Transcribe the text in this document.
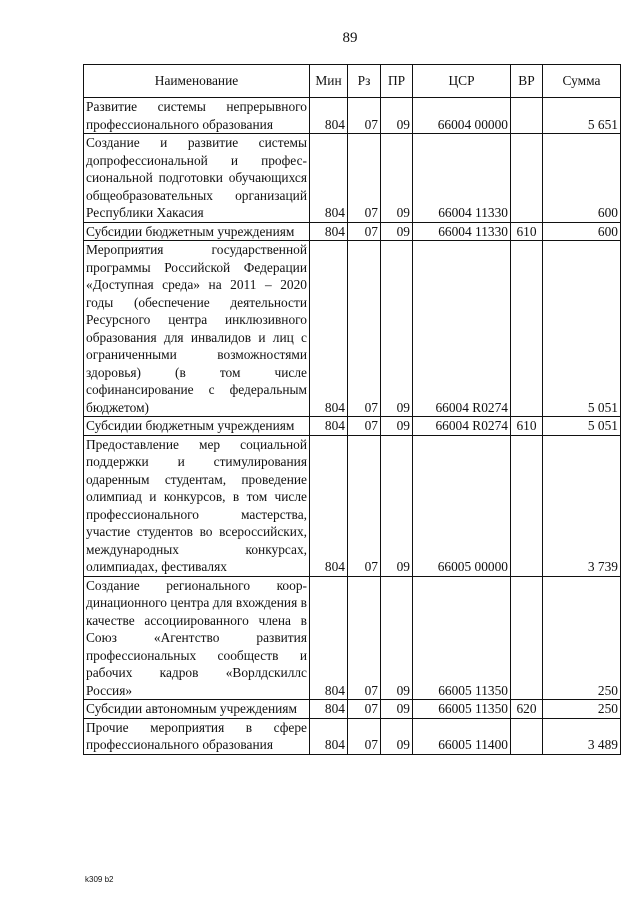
89
Наименование	Мин	Рз	ПР	ЦСР	ВР	Сумма
Развитие системы непрерывного профессионального образования	804	07	09	66004 00000		5 651
Создание и развитие системы допрофессиональной и профессиональной подготовки обучающихся общеобразовательных организаций Республики Хакасия	804	07	09	66004 11330		600
Субсидии бюджетным учреждениям	804	07	09	66004 11330	610	600
Мероприятия государственной программы Российской Федерации «Доступная среда» на 2011 – 2020 годы (обеспечение деятельности Ресурсного центра инклюзивного образования для инвалидов и лиц с ограниченными возможностями здоровья) (в том числе софинансирование с федеральным бюджетом)	804	07	09	66004 R0274		5 051
Субсидии бюджетным учреждениям	804	07	09	66004 R0274	610	5 051
Предоставление мер социальной поддержки и стимулирования одаренным студентам, проведение олимпиад и конкурсов, в том числе профессионального мастерства, участие студентов во всероссийских, международных конкурсах, олимпиадах, фестивалях	804	07	09	66005 00000		3 739
Создание регионального координационного центра для вхождения в качестве ассоциированного члена в Союз «Агентство развития профессиональных сообществ и рабочих кадров «Ворлдскиллс Россия»	804	07	09	66005 11350		250
Субсидии автономным учреждениям	804	07	09	66005 11350	620	250
Прочие мероприятия в сфере профессионального образования	804	07	09	66005 11400		3 489
k309 b2
